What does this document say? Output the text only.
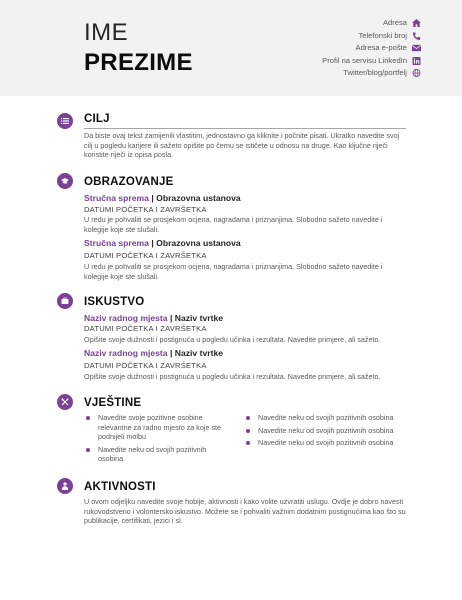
IME
PREZIME
Adresa
Telefonski broj
Adresa e-pošte
Profil na servisu LinkedIn
Twitter/blog/portfelj
CILJ
Da biste ovaj tekst zamijenili vlastitim, jednostavno ga kliknite i počnite pisati. Ukratko navedite svoj cilj u pogledu karijere ili sažeto opišite po čemu se ističete u odnosu na druge. Kao ključne riječi koristite riječi iz opisa posla.
OBRAZOVANJE
Stručna sprema | Obrazovna ustanova
DATUMI POČETKA I ZAVRŠETKA
U redu je pohvaliti se prosjekom ocjena, nagradama i priznanjima. Slobodno sažeto navedite i kolegije koje ste slušali.
Stručna sprema | Obrazovna ustanova
DATUMI POČETKA I ZAVRŠETKA
U redu je pohvaliti se prosjekom ocjena, nagradama i priznanjima. Slobodno sažeto navedite i kolegije koje ste slušali.
ISKUSTVO
Naziv radnog mjesta | Naziv tvrtke
DATUMI POČETKA I ZAVRŠETKA
Opišite svoje dužnosti i postignuća u pogledu učinka i rezultata. Navedite primjere, ali sažeto.
Naziv radnog mjesta | Naziv tvrtke
DATUMI POČETKA I ZAVRŠETKA
Opišite svoje dužnosti i postignuća u pogledu učinka i rezultata. Navedite primjere, ali sažeto.
VJEŠTINE
Navedite svoje pozitivne osobine relevantne za radno mjesto za koje ste podnijeli molbu
Navedite neku od svojih pozitivnih osobina
Navedite neku od svojih pozitivnih osobina
Navedite neku od svojih pozitivnih osobina
Navedite neku od svojih pozitivnih osobina
AKTIVNOSTI
U ovom odjeljku navedite svoje hobije, aktivnosti i kako volite uzvratiti uslugu. Ovdje je dobro navesti rukovodstveno i volontersko iskustvo. Možete se i pohvaliti važnim dodatnim postignućima kao što su publikacije, certifikati, jezici i sl.
